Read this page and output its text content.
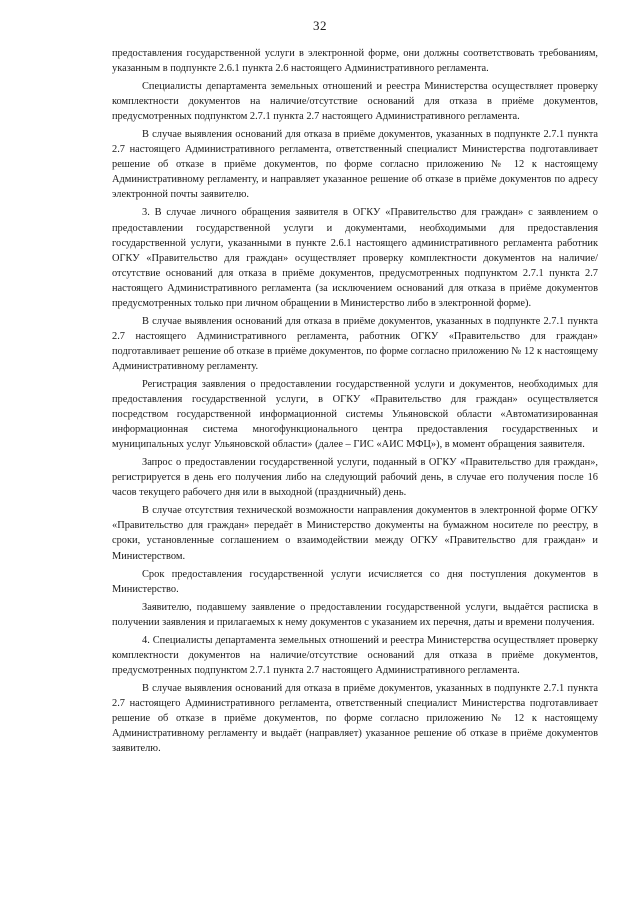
32

предоставления государственной услуги в электронной форме, они должны соответствовать требованиям, указанным в подпункте 2.6.1 пункта 2.6 настоящего Административного регламента.

Специалисты департамента земельных отношений и реестра Министерства осуществляет проверку комплектности документов на наличие/отсутствие оснований для отказа в приёме документов, предусмотренных подпунктом 2.7.1 пункта 2.7 настоящего Административного регламента.

В случае выявления оснований для отказа в приёме документов, указанных в подпункте 2.7.1 пункта 2.7 настоящего Административного регламента, ответственный специалист Министерства подготавливает решение об отказе в приёме документов, по форме согласно приложению № 12 к настоящему Административному регламенту, и направляет указанное решение об отказе в приёме документов по адресу электронной почты заявителю.

3. В случае личного обращения заявителя в ОГКУ «Правительство для граждан» с заявлением о предоставлении государственной услуги и документами, необходимыми для предоставления государственной услуги, указанными в пункте 2.6.1 настоящего административного регламента работник ОГКУ «Правительство для граждан» осуществляет проверку комплектности документов на наличие/отсутствие оснований для отказа в приёме документов, предусмотренных подпунктом 2.7.1 пункта 2.7 настоящего Административного регламента (за исключением оснований для отказа в приёме документов предусмотренных только при личном обращении в Министерство либо в электронной форме).

В случае выявления оснований для отказа в приёме документов, указанных в подпункте 2.7.1 пункта 2.7 настоящего Административного регламента, работник ОГКУ «Правительство для граждан» подготавливает решение об отказе в приёме документов, по форме согласно приложению № 12 к настоящему Административному регламенту.

Регистрация заявления о предоставлении государственной услуги и документов, необходимых для предоставления государственной услуги, в ОГКУ «Правительство для граждан» осуществляется посредством государственной информационной системы Ульяновской области «Автоматизированная информационная система многофункционального центра предоставления государственных и муниципальных услуг Ульяновской области» (далее – ГИС «АИС МФЦ»), в момент обращения заявителя.

Запрос о предоставлении государственной услуги, поданный в ОГКУ «Правительство для граждан», регистрируется в день его получения либо на следующий рабочий день, в случае его получения после 16 часов текущего рабочего дня или в выходной (праздничный) день.

В случае отсутствия технической возможности направления документов в электронной форме ОГКУ «Правительство для граждан» передаёт в Министерство документы на бумажном носителе по реестру, в сроки, установленные соглашением о взаимодействии между ОГКУ «Правительство для граждан» и Министерством.

Срок предоставления государственной услуги исчисляется со дня поступления документов в Министерство.

Заявителю, подавшему заявление о предоставлении государственной услуги, выдаётся расписка в получении заявления и прилагаемых к нему документов с указанием их перечня, даты и времени получения.

4. Специалисты департамента земельных отношений и реестра Министерства осуществляет проверку комплектности документов на наличие/отсутствие оснований для отказа в приёме документов, предусмотренных подпунктом 2.7.1 пункта 2.7 настоящего Административного регламента.

В случае выявления оснований для отказа в приёме документов, указанных в подпункте 2.7.1 пункта 2.7 настоящего Административного регламента, ответственный специалист Министерства подготавливает решение об отказе в приёме документов, по форме согласно приложению № 12 к настоящему Административному регламенту и выдаёт (направляет) указанное решение об отказе в приёме документов заявителю.
